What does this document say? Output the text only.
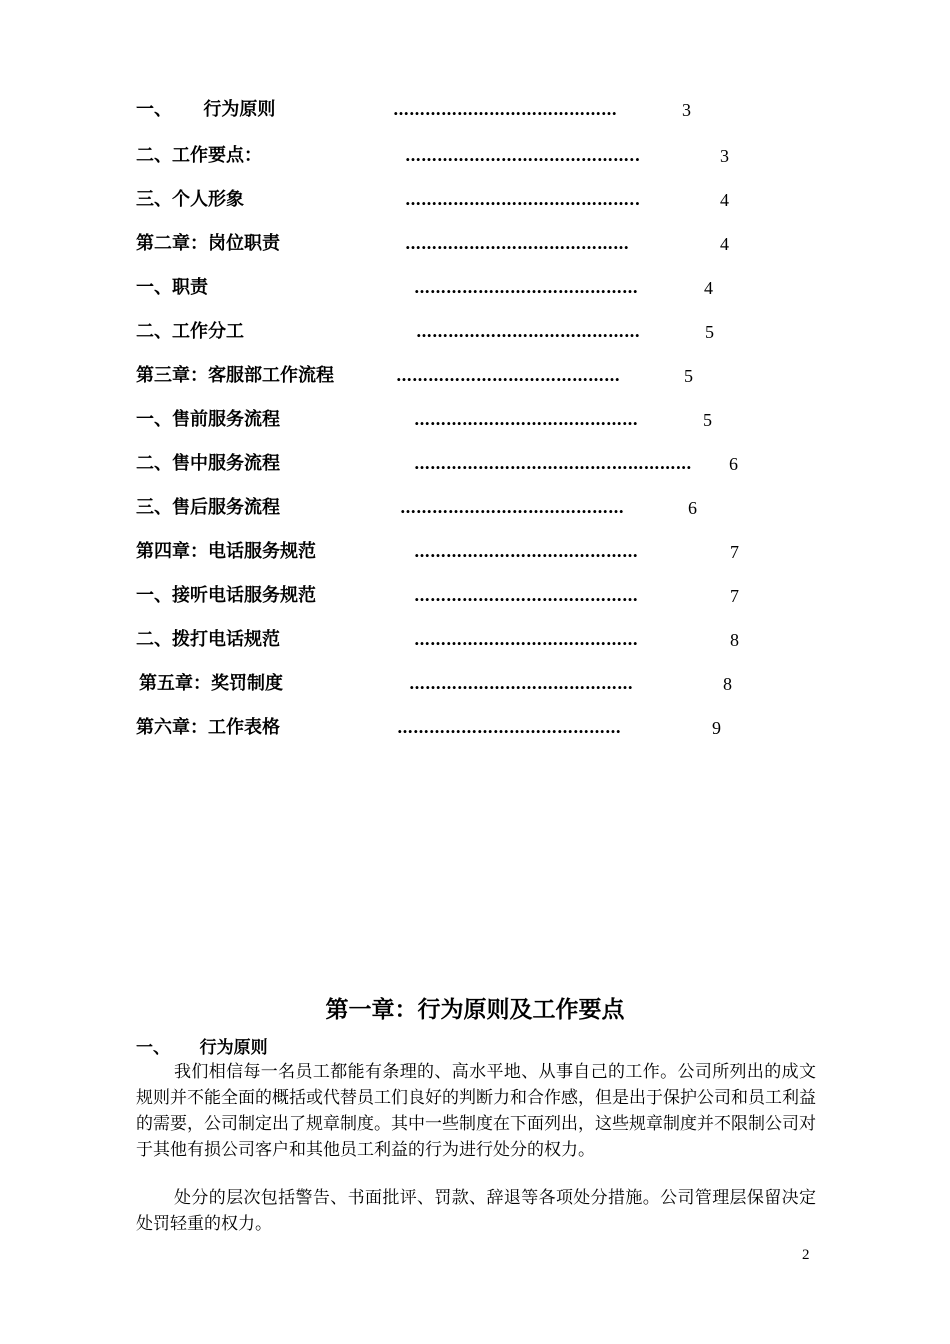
一、     行为原则	……………………………………	3
二、工作要点：	……………………………………..	3
三、个人形象	……………………………………..	4
第二章：岗位职责	……………………………………	4
一、职责	……………………………………	4
二、工作分工	……………………………………	5
第三章：客服部工作流程	……………………………………	5
一、售前服务流程	……………………………………	5
二、售中服务流程	……………………………….…………… 6
三、售后服务流程	……………………………………	6
第四章：电话服务规范	……………………………………	7
一、接听电话服务规范	……………………………………	7
二、拨打电话规范	……………………………………	8
第五章：奖罚制度	……………………………………	8
第六章：工作表格	……………………………………	9
第一章：行为原则及工作要点
一、     行为原则

我们相信每一名员工都能有条理的、高水平地、从事自己的工作。公司所列出的成文规则并不能全面的概括或代替员工们良好的判断力和合作感，但是出于保护公司和员工利益的需要，公司制定出了规章制度。其中一些制度在下面列出，这些规章制度并不限制公司对于其他有损公司客户和其他员工利益的行为进行处分的权力。

处分的层次包括警告、书面批评、罚款、辞退等各项处分措施。公司管理层保留决定处罚轻重的权力。

2
